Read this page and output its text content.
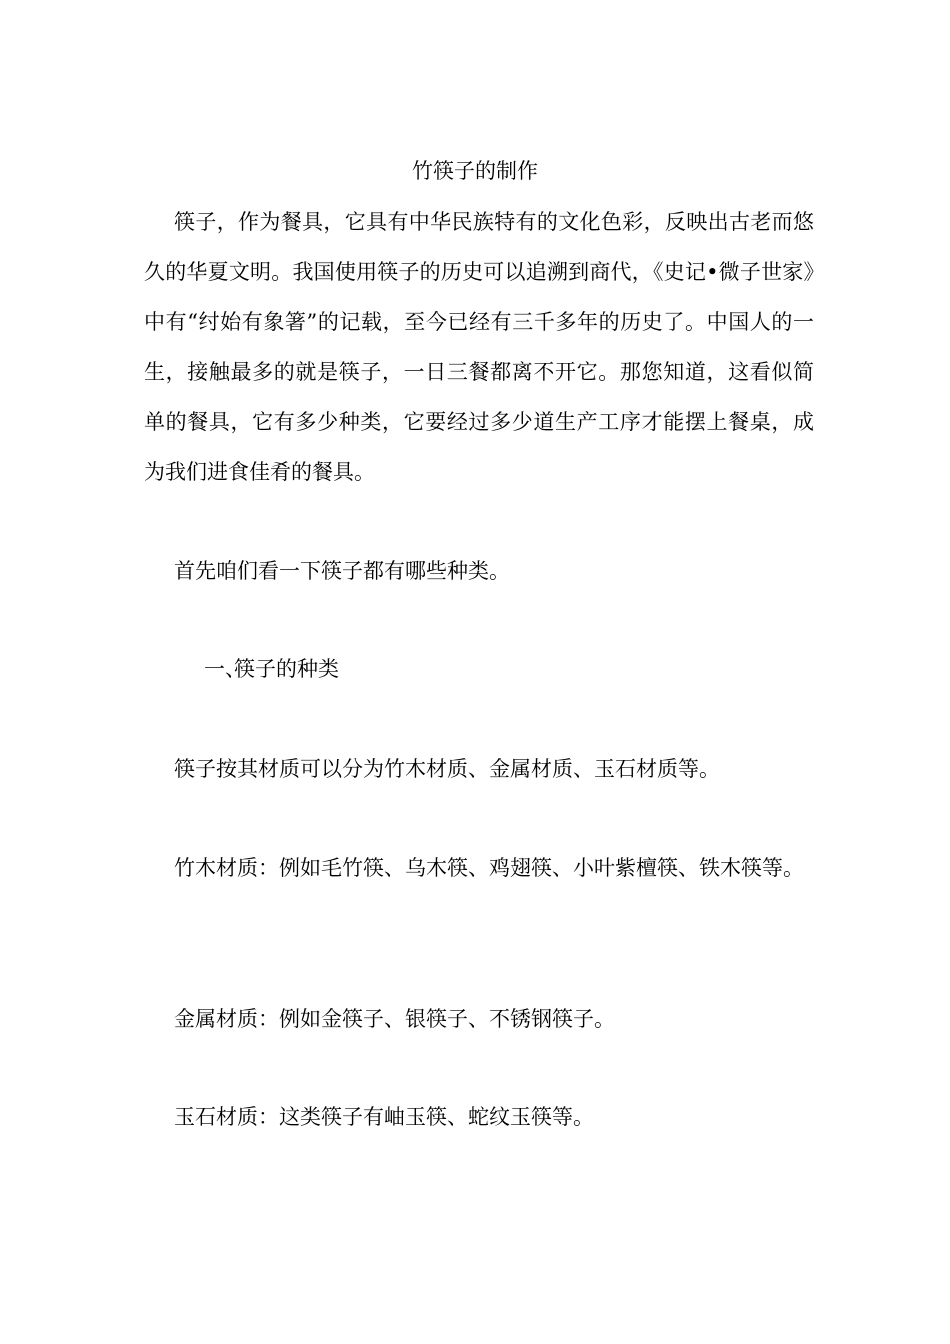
竹筷子的制作

筷子，作为餐具，它具有中华民族特有的文化色彩，反映出古老而悠久的华夏文明。我国使用筷子的历史可以追溯到商代，《史记•微子世家》中有“纣始有象箸”的记载，至今已经有三千多年的历史了。中国人的一生，接触最多的就是筷子，一日三餐都离不开它。那您知道，这看似简单的餐具，它有多少种类，它要经过多少道生产工序才能摆上餐桌，成为我们进食佳肴的餐具。

首先咱们看一下筷子都有哪些种类。

一、筷子的种类

筷子按其材质可以分为竹木材质、金属材质、玉石材质等。

竹木材质：例如毛竹筷、乌木筷、鸡翅筷、小叶紫檀筷、铁木筷等。

金属材质：例如金筷子、银筷子、不锈钢筷子。

玉石材质：这类筷子有岫玉筷、蛇纹玉筷等。
